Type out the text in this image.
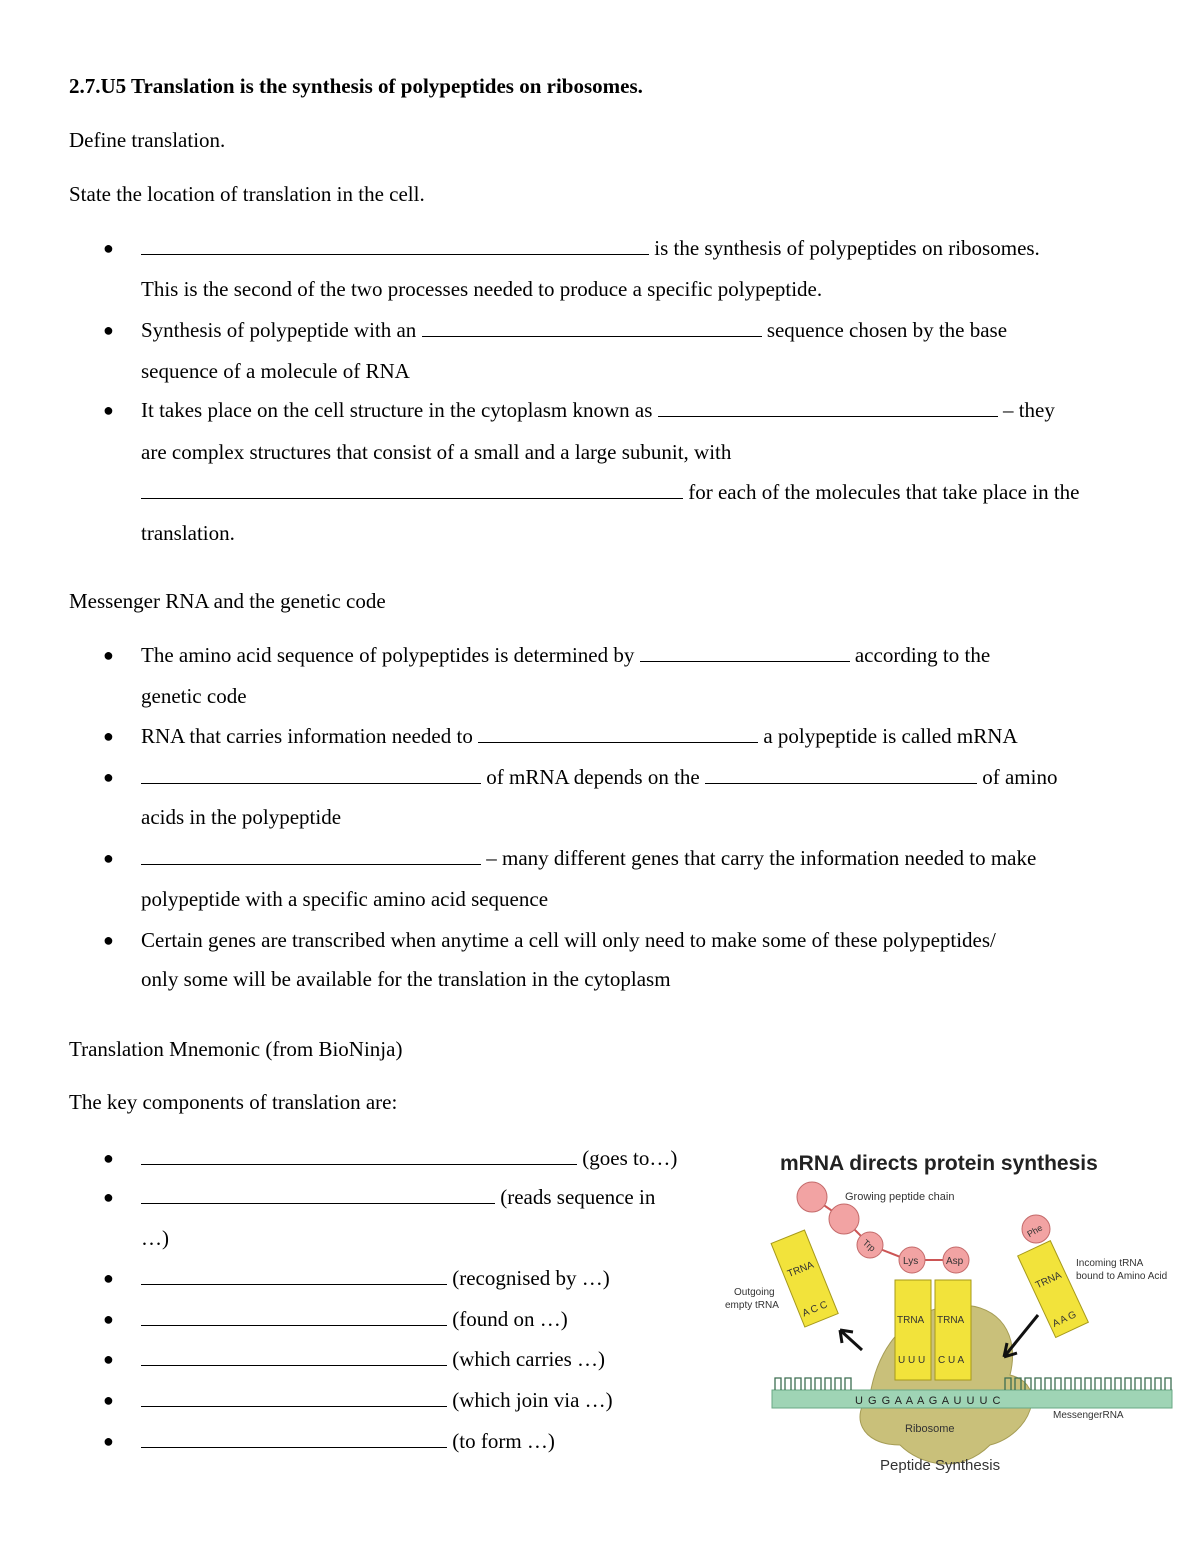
2.7.U5 Translation is the synthesis of polypeptides on ribosomes.
Define translation.
State the location of translation in the cell.
●	is the synthesis of polypeptides on ribosomes.
This is the second of the two processes needed to produce a specific polypeptide.
● Synthesis of polypeptide with an	sequence chosen by the base
sequence of a molecule of RNA
● It takes place on the cell structure in the cytoplasm known as	– they
are complex structures that consist of a small and a large subunit, with
for each of the molecules that take place in the
translation.
Messenger RNA and the genetic code
● The amino acid sequence of polypeptides is determined by	according to the
genetic code
● RNA that carries information needed to	a polypeptide is called mRNA
●	of mRNA depends on the	of amino
acids in the polypeptide
●	– many different genes that carry the information needed to make
polypeptide with a specific amino acid sequence
● Certain genes are transcribed when anytime a cell will only need to make some of these polypeptides/
only some will be available for the translation in the cytoplasm
Translation Mnemonic (from BioNinja)
The key components of translation are:
●	(goes to…)
●	(reads sequence in
…)
●	(recognised by …)
●	(found on …)
●	(which carries …)
●	(which join via …)
●	(to form …)
mRNA directs protein synthesis
Trp
Lys	Asp
Growing peptide chain
Phe
Ribosome
U G G A A A G A U U U C
MessengerRNA
TRNA TRNA
U U U C U A
TRNA
A C C
Outgoing
empty tRNA
TRNA
A A G
Incoming tRNA
bound to Amino Acid
Peptide Synthesis
